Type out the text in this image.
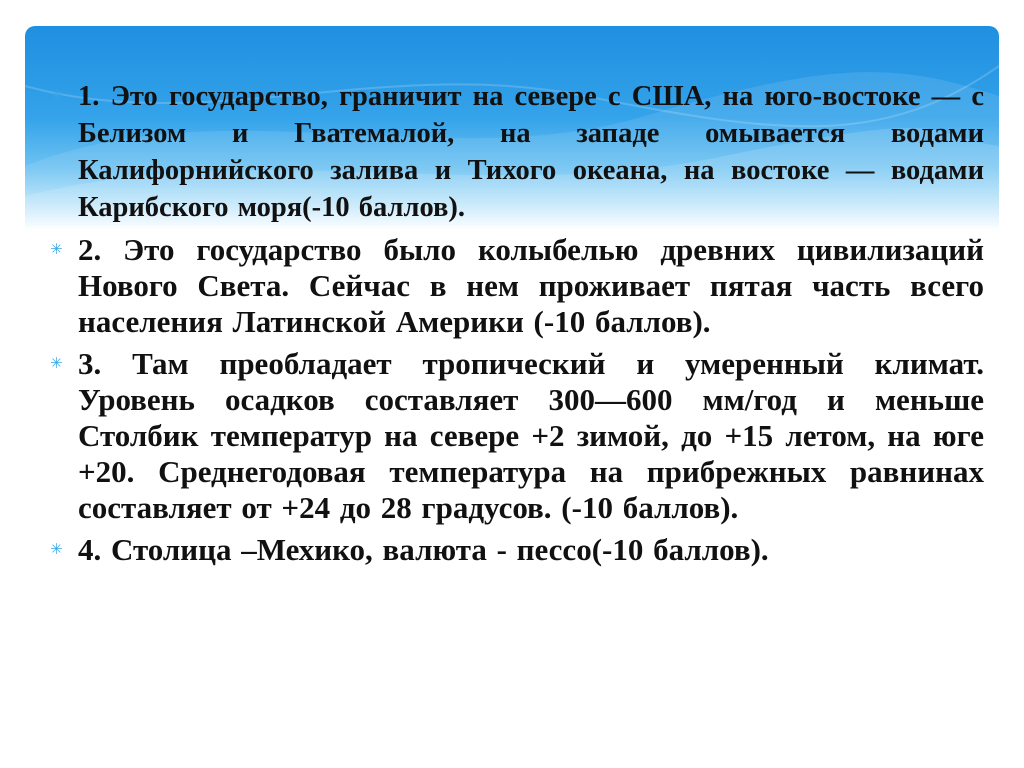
✳ 1. Это государство, граничит на севере с США, на юго-востоке — с Белизом и Гватемалой, на западе омывается водами Калифорнийского залива и Тихого океана, на востоке — водами Карибского моря(-10 баллов).
✳ 2. Это государство было колыбелью древних цивилизаций Нового Света. Сейчас в нем проживает пятая часть всего населения Латинской Америки (-10 баллов).
✳ 3. Там преобладает тропический и умеренный климат. Уровень осадков составляет 300—600 мм/год и меньше Столбик температур на севере +2 зимой, до +15 летом, на юге +20. Среднегодовая температура на прибрежных равнинах составляет от +24 до 28 градусов. (-10 баллов).
✳ 4. Столица –Мехико, валюта - пессо(-10 баллов).
